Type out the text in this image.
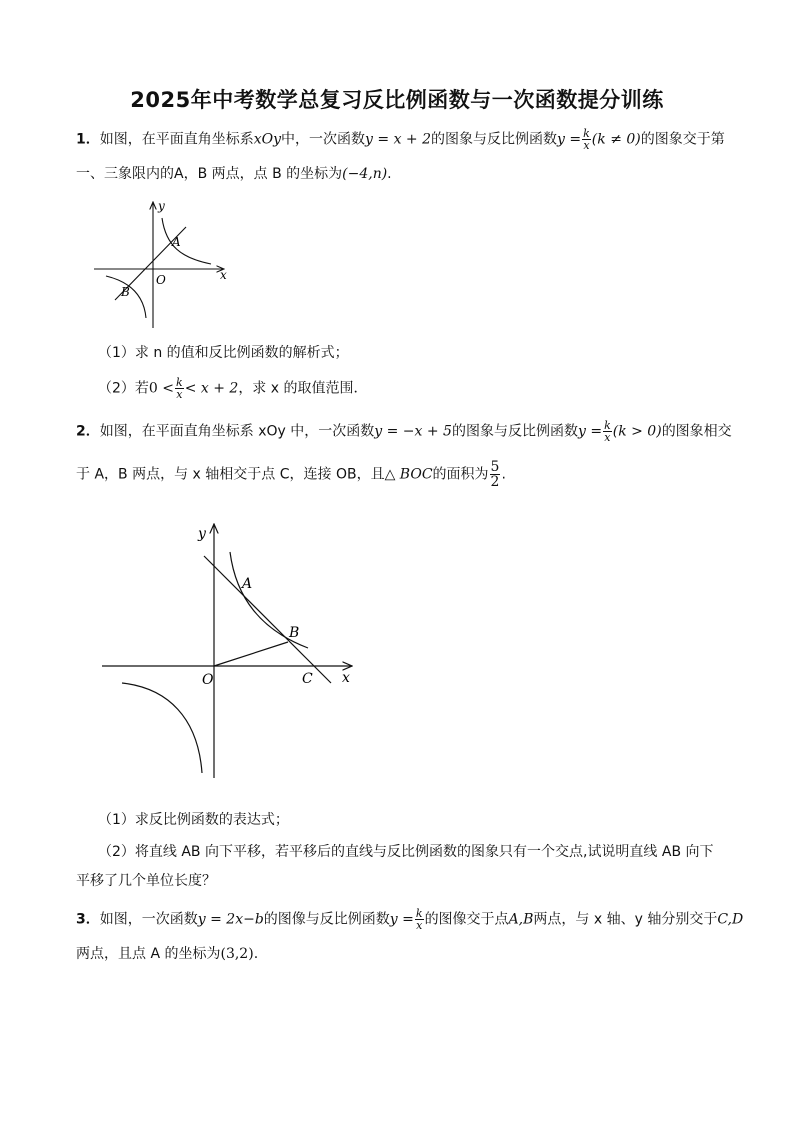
2025年中考数学总复习反比例函数与一次函数提分训练
1．如图，在平面直角坐标系xOy中，一次函数y = x + 2的图象与反比例函数$y = \frac{k}{x} (k \ne 0)$的图象交于第
一、三象限内的A，B 两点，点 B 的坐标为(−4,n).
y
x
O
A
B
（1）求 n 的值和反比例函数的解析式；
（2）若$0 < \frac{k}{x} < x + 2$，求 x 的取值范围．
2．如图，在平面直角坐标系 xOy 中，一次函数y = −x + 5的图象与反比例函数$y = \frac{k}{x} (k > 0)$的图象相交
于 A，B 两点，与 x 轴相交于点 C，连接 OB，且△ BOC的面积为 $\frac{5}{2}$ .
y
x
O
A
B
C
（1）求反比例函数的表达式；
（2）将直线 AB 向下平移，若平移后的直线与反比例函数的图象只有一个交点,试说明直线 AB 向下
平移了几个单位长度？
3．如图，一次函数y = 2x−b的图像与反比例函数$y = \frac{k}{x}$ 的图像交于点A,B两点，与 x 轴、y 轴分别交于C,D
两点，且点 A 的坐标为(3,2).
